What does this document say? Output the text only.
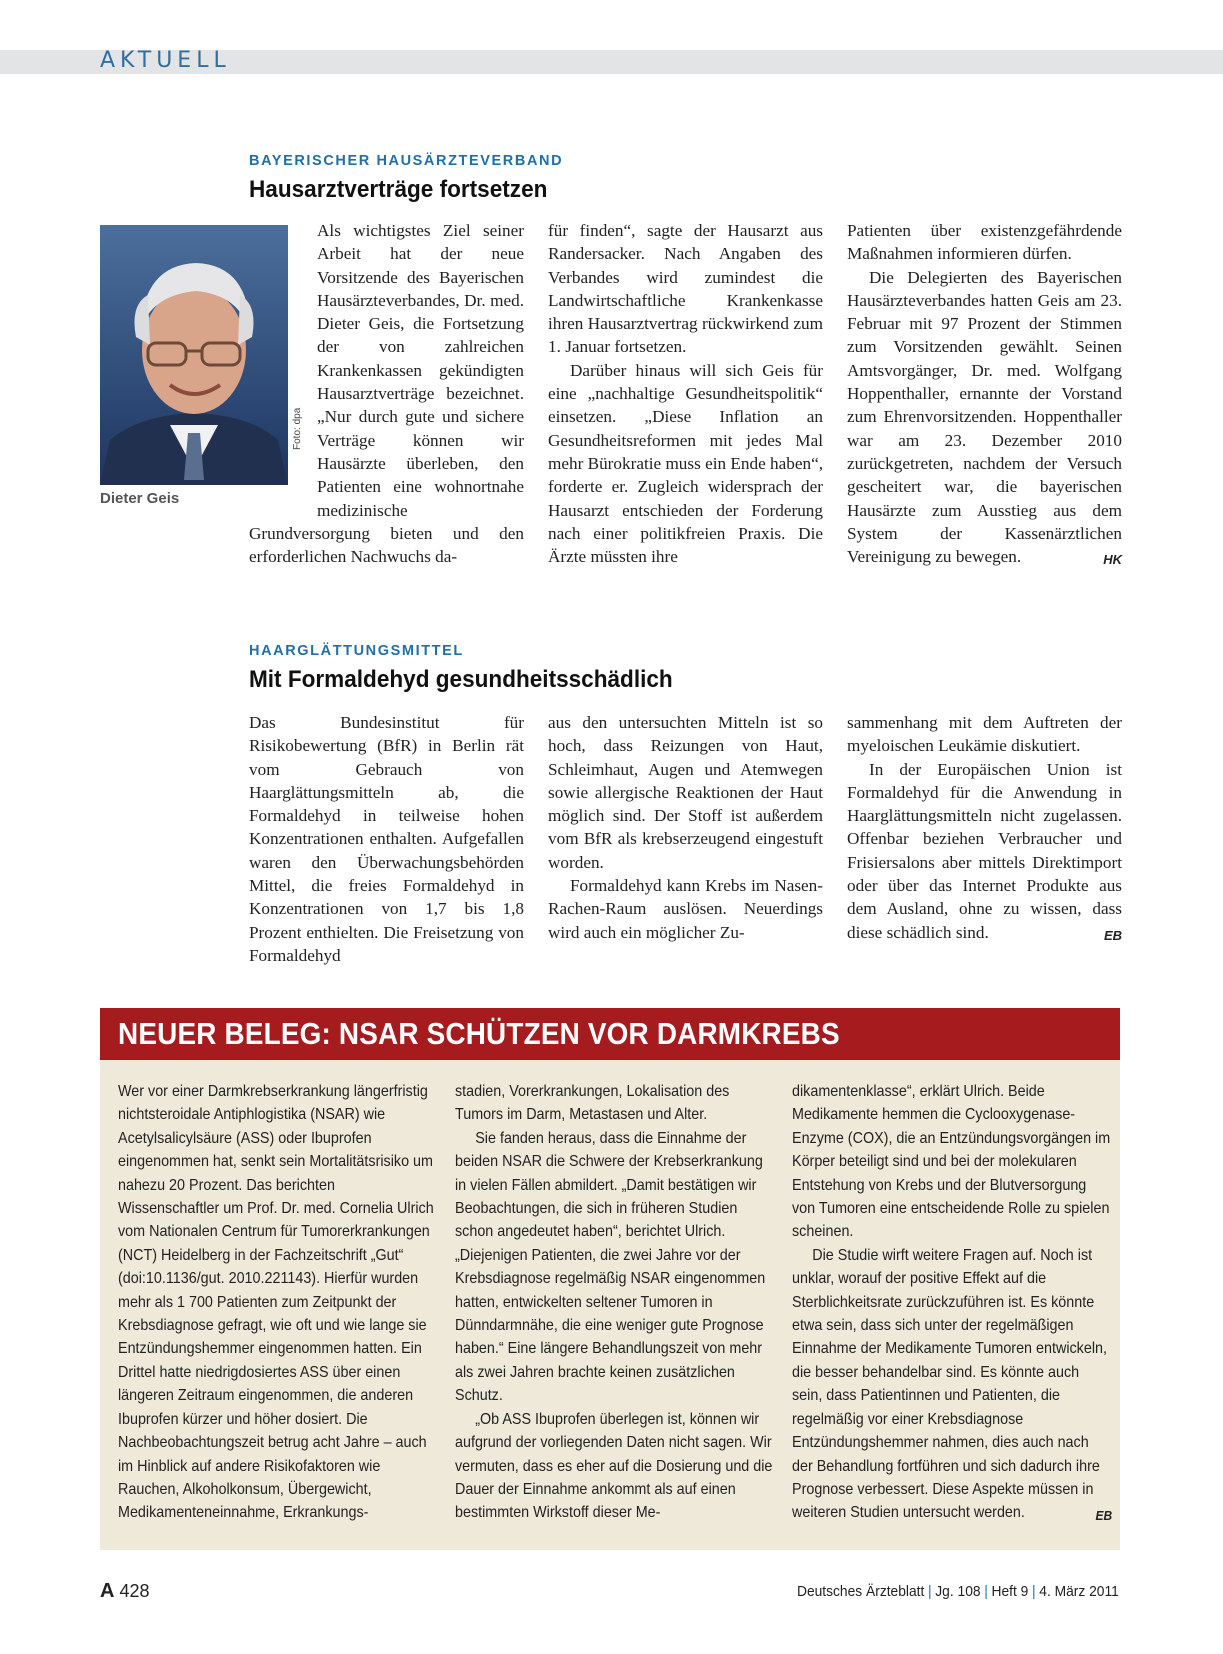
AKTUELL
BAYERISCHER HAUSÄRZTEVERBAND
Hausarztverträge fortsetzen
Foto: dpa
Dieter Geis

Als wichtigstes Ziel seiner Arbeit hat der neue Vorsitzende des Bayerischen Hausärzteverbandes, Dr. med. Dieter Geis, die Fortsetzung der von zahlreichen Krankenkassen gekündigten Hausarztverträge bezeichnet. „Nur durch gute und sichere Verträge können wir Hausärzte überleben, den Patienten eine wohnortnahe medizinische Grundversorgung bieten und den erforderlichen Nachwuchs da-

für finden“, sagte der Hausarzt aus Randersacker. Nach Angaben des Verbandes wird zumindest die Landwirtschaftliche Krankenkasse ihren Hausarztvertrag rückwirkend zum 1. Januar fortsetzen.

Darüber hinaus will sich Geis für eine „nachhaltige Gesundheitspolitik“ einsetzen. „Diese Inflation an Gesundheitsreformen mit jedes Mal mehr Bürokratie muss ein Ende haben“, forderte er. Zugleich widersprach der Hausarzt entschieden der Forderung nach einer politikfreien Praxis. Die Ärzte müssten ihre

Patienten über existenzgefährdende Maßnahmen informieren dürfen.

Die Delegierten des Bayerischen Hausärzteverbandes hatten Geis am 23. Februar mit 97 Prozent der Stimmen zum Vorsitzenden gewählt. Seinen Amtsvorgänger, Dr. med. Wolfgang Hoppenthaller, ernannte der Vorstand zum Ehrenvorsitzenden. Hoppenthaller war am 23. Dezember 2010 zurückgetreten, nachdem der Versuch gescheitert war, die bayerischen Hausärzte zum Ausstieg aus dem System der Kassenärztlichen Vereinigung zu bewegen.	HK

HAARGLÄTTUNGSMITTEL
Mit Formaldehyd gesundheitsschädlich

Das Bundesinstitut für Risikobewertung (BfR) in Berlin rät vom Gebrauch von Haarglättungsmitteln ab, die Formaldehyd in teilweise hohen Konzentrationen enthalten. Aufgefallen waren den Überwachungsbehörden Mittel, die freies Formaldehyd in Konzentrationen von 1,7 bis 1,8 Prozent enthielten. Die Freisetzung von Formaldehyd

aus den untersuchten Mitteln ist so hoch, dass Reizungen von Haut, Schleimhaut, Augen und Atemwegen sowie allergische Reaktionen der Haut möglich sind. Der Stoff ist außerdem vom BfR als krebserzeugend eingestuft worden.

Formaldehyd kann Krebs im Nasen-Rachen-Raum auslösen. Neuerdings wird auch ein möglicher Zu-

sammenhang mit dem Auftreten der myeloischen Leukämie diskutiert.

In der Europäischen Union ist Formaldehyd für die Anwendung in Haarglättungsmitteln nicht zugelassen. Offenbar beziehen Verbraucher und Frisiersalons aber mittels Direktimport oder über das Internet Produkte aus dem Ausland, ohne zu wissen, dass diese schädlich sind.	EB

NEUER BELEG: NSAR SCHÜTZEN VOR DARMKREBS

Wer vor einer Darmkrebserkrankung längerfristig nichtsteroidale Antiphlogistika (NSAR) wie Acetylsalicylsäure (ASS) oder Ibuprofen eingenommen hat, senkt sein Mortalitätsrisiko um nahezu 20 Prozent. Das berichten Wissenschaftler um Prof. Dr. med. Cornelia Ulrich vom Nationalen Centrum für Tumorerkrankungen (NCT) Heidelberg in der Fachzeitschrift „Gut“ (doi:10.1136/gut. 2010.221143). Hierfür wurden mehr als 1 700 Patienten zum Zeitpunkt der Krebsdiagnose gefragt, wie oft und wie lange sie Entzündungshemmer eingenommen hatten. Ein Drittel hatte niedrigdosiertes ASS über einen längeren Zeitraum eingenommen, die anderen Ibuprofen kürzer und höher dosiert. Die Nachbeobachtungszeit betrug acht Jahre – auch im Hinblick auf andere Risikofaktoren wie Rauchen, Alkoholkonsum, Übergewicht, Medikamenteneinnahme, Erkrankungs-

stadien, Vorerkrankungen, Lokalisation des Tumors im Darm, Metastasen und Alter.

Sie fanden heraus, dass die Einnahme der beiden NSAR die Schwere der Krebserkrankung in vielen Fällen abmildert. „Damit bestätigen wir Beobachtungen, die sich in früheren Studien schon angedeutet haben“, berichtet Ulrich. „Diejenigen Patienten, die zwei Jahre vor der Krebsdiagnose regelmäßig NSAR eingenommen hatten, entwickelten seltener Tumoren in Dünndarmnähe, die eine weniger gute Prognose haben.“ Eine längere Behandlungszeit von mehr als zwei Jahren brachte keinen zusätzlichen Schutz.

„Ob ASS Ibuprofen überlegen ist, können wir aufgrund der vorliegenden Daten nicht sagen. Wir vermuten, dass es eher auf die Dosierung und die Dauer der Einnahme ankommt als auf einen bestimmten Wirkstoff dieser Me-

dikamentenklasse“, erklärt Ulrich. Beide Medikamente hemmen die Cyclooxygenase-Enzyme (COX), die an Entzündungsvorgängen im Körper beteiligt sind und bei der molekularen Entstehung von Krebs und der Blutversorgung von Tumoren eine entscheidende Rolle zu spielen scheinen.

Die Studie wirft weitere Fragen auf. Noch ist unklar, worauf der positive Effekt auf die Sterblichkeitsrate zurückzuführen ist. Es könnte etwa sein, dass sich unter der regelmäßigen Einnahme der Medikamente Tumoren entwickeln, die besser behandelbar sind. Es könnte auch sein, dass Patientinnen und Patienten, die regelmäßig vor einer Krebsdiagnose Entzündungshemmer nahmen, dies auch nach der Behandlung fortführen und sich dadurch ihre Prognose verbessert. Diese Aspekte müssen in weiteren Studien untersucht werden.	EB

A 428	Deutsches Ärzteblatt | Jg. 108 | Heft 9 | 4. März 2011
